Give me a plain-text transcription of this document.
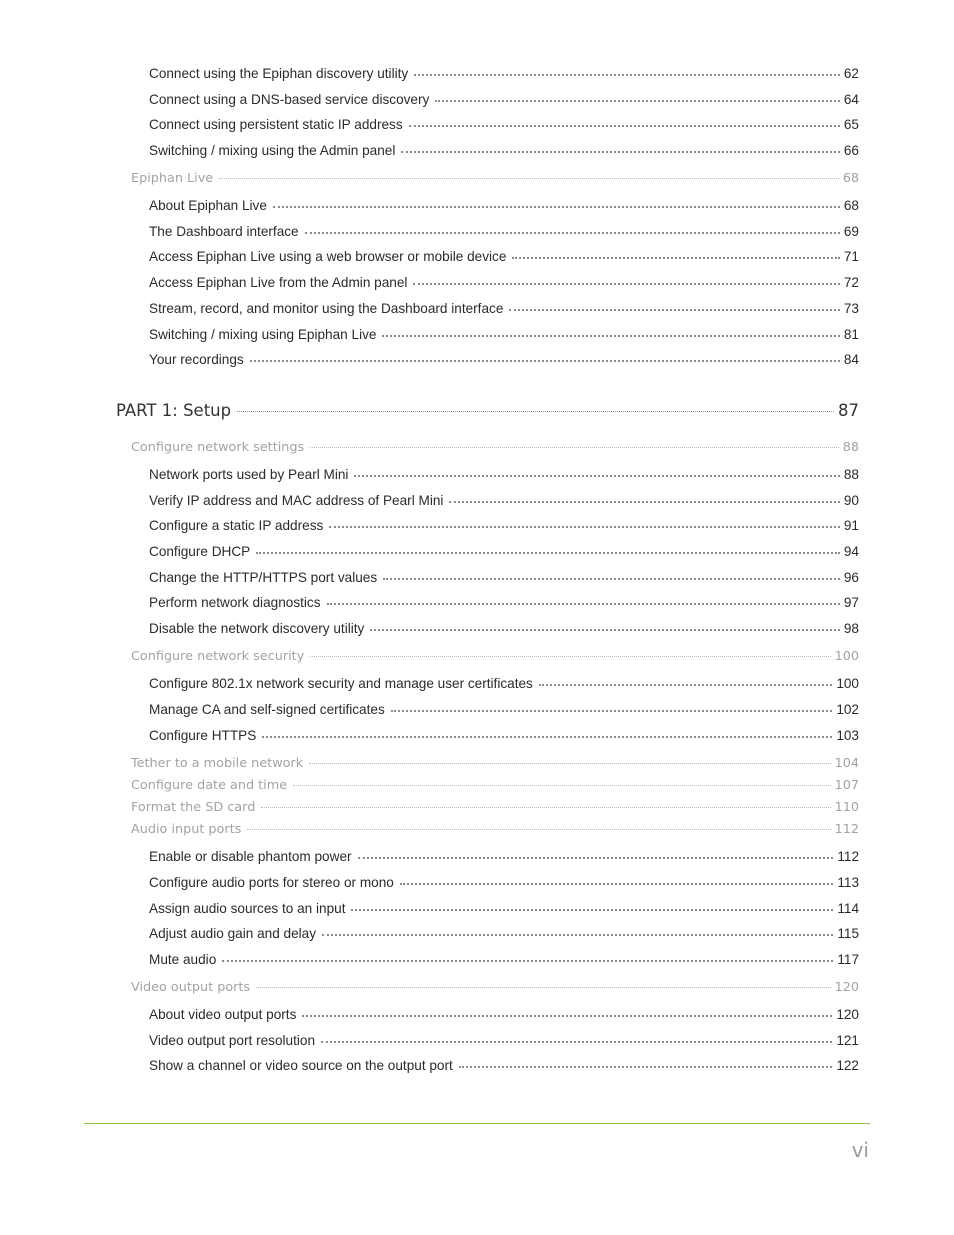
Connect using the Epiphan discovery utility	62
Connect using a DNS-based service discovery	64
Connect using persistent static IP address	65
Switching / mixing using the Admin panel	66
Epiphan Live	68
About Epiphan Live	68
The Dashboard interface	69
Access Epiphan Live using a web browser or mobile device	71
Access Epiphan Live from the Admin panel	72
Stream, record, and monitor using the Dashboard interface	73
Switching / mixing using Epiphan Live	81
Your recordings	84
PART 1: Setup	87
Configure network settings	88
Network ports used by Pearl Mini	88
Verify IP address and MAC address of Pearl Mini	90
Configure a static IP address	91
Configure DHCP	94
Change the HTTP/HTTPS port values	96
Perform network diagnostics	97
Disable the network discovery utility	98
Configure network security	100
Configure 802.1x network security and manage user certificates	100
Manage CA and self-signed certificates	102
Configure HTTPS	103
Tether to a mobile network	104
Configure date and time	107
Format the SD card	110
Audio input ports	112
Enable or disable phantom power	112
Configure audio ports for stereo or mono	113
Assign audio sources to an input	114
Adjust audio gain and delay	115
Mute audio	117
Video output ports	120
About video output ports	120
Video output port resolution	121
Show a channel or video source on the output port	122
vi
